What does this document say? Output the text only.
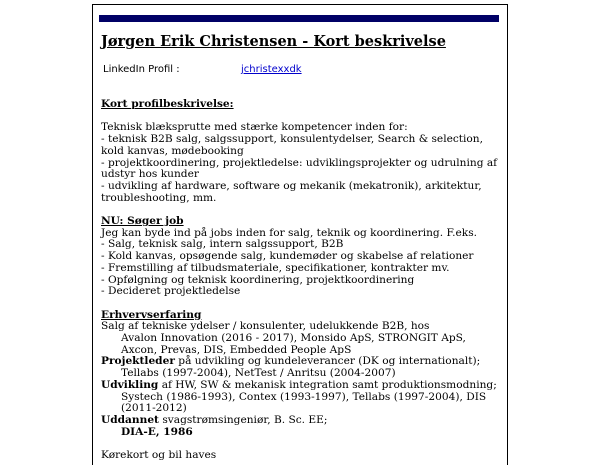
Jørgen Erik Christensen - Kort beskrivelse
LinkedIn Profil :	jchristexxdk

Kort profilbeskrivelse:

Teknisk blæksprutte med stærke kompetencer inden for:

- teknisk B2B salg, salgssupport, konsulentydelser, Search & selection, kold kanvas, mødebooking

- projektkoordinering, projektledelse: udviklingsprojekter og udrulning af udstyr hos kunder

- udvikling af hardware, software og mekanik (mekatronik), arkitektur, troubleshooting, mm.

NU: Søger job

Jeg kan byde ind på jobs inden for salg, teknik og koordinering. F.eks.

- Salg, teknisk salg, intern salgssupport, B2B

- Kold kanvas, opsøgende salg, kundemøder og skabelse af relationer

- Fremstilling af tilbudsmateriale, specifikationer, kontrakter mv.

- Opfølgning og teknisk koordinering, projektkoordinering

- Decideret projektledelse

Erhvervserfaring

Salg af tekniske ydelser / konsulenter, udelukkende B2B, hos

Avalon Innovation (2016 - 2017), Monsido ApS, STRONGIT ApS, Axcon, Prevas, DIS, Embedded People ApS

Projektleder på udvikling og kundeleverancer (DK og internationalt);

Tellabs (1997-2004), NetTest / Anritsu (2004-2007)

Udvikling af HW, SW & mekanisk integration samt produktionsmodning;

Systech (1986-1993), Contex (1993-1997), Tellabs (1997-2004), DIS (2011-2012)

Uddannet svagstrømsingeniør, B. Sc. EE;

DIA-E, 1986

Kørekort og bil haves
